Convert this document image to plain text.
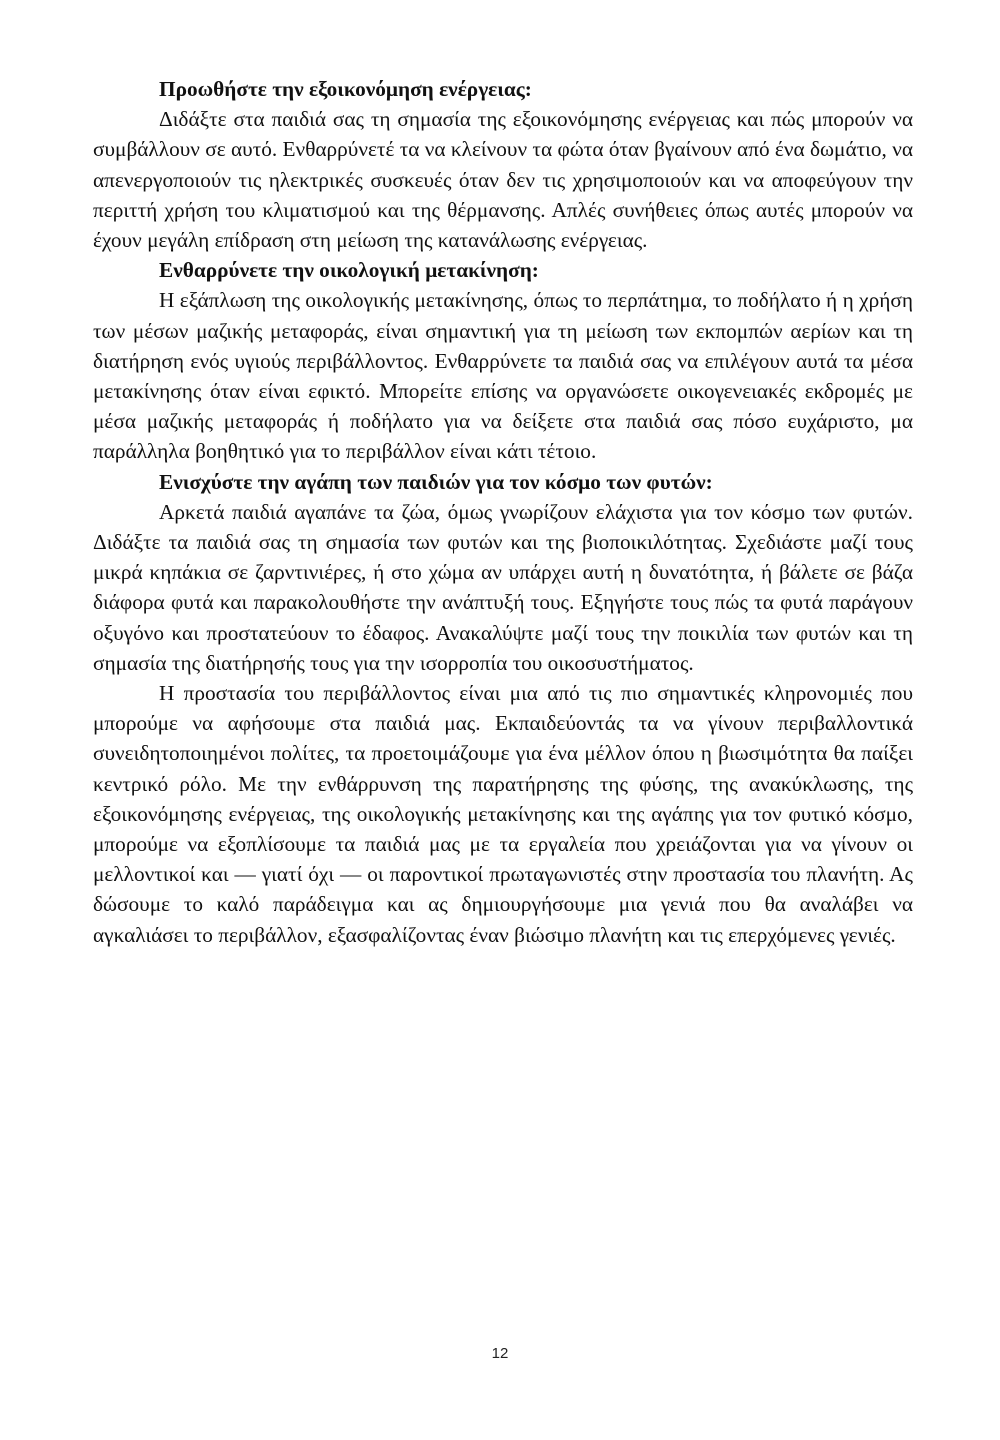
Προωθήστε την εξοικονόμηση ενέργειας:

Διδάξτε στα παιδιά σας τη σημασία της εξοικονόμησης ενέργειας και πώς μπορούν να συμβάλλουν σε αυτό. Ενθαρρύνετέ τα να κλείνουν τα φώτα όταν βγαίνουν από ένα δωμάτιο, να απενεργοποιούν τις ηλεκτρικές συσκευές όταν δεν τις χρησιμοποιούν και να αποφεύγουν την περιττή χρήση του κλιματισμού και της θέρμανσης. Απλές συνήθειες όπως αυτές μπορούν να έχουν μεγάλη επίδραση στη μείωση της κατανάλωσης ενέργειας.

Ενθαρρύνετε την οικολογική μετακίνηση:

Η εξάπλωση της οικολογικής μετακίνησης, όπως το περπάτημα, το ποδήλατο ή η χρήση των μέσων μαζικής μεταφοράς, είναι σημαντική για τη μείωση των εκπομπών αερίων και τη διατήρηση ενός υγιούς περιβάλλοντος. Ενθαρρύνετε τα παιδιά σας να επιλέγουν αυτά τα μέσα μετακίνησης όταν είναι εφικτό. Μπορείτε επίσης να οργανώσετε οικογενειακές εκδρομές με μέσα μαζικής μεταφοράς ή ποδήλατο για να δείξετε στα παιδιά σας πόσο ευχάριστο, μα παράλληλα βοηθητικό για το περιβάλλον είναι κάτι τέτοιο.

Ενισχύστε την αγάπη των παιδιών για τον κόσμο των φυτών:

Αρκετά παιδιά αγαπάνε τα ζώα, όμως γνωρίζουν ελάχιστα για τον κόσμο των φυτών. Διδάξτε τα παιδιά σας τη σημασία των φυτών και της βιοποικιλότητας. Σχεδιάστε μαζί τους μικρά κηπάκια σε ζαρντινιέρες, ή στο χώμα αν υπάρχει αυτή η δυνατότητα, ή βάλετε σε βάζα διάφορα φυτά και παρακολουθήστε την ανάπτυξή τους. Εξηγήστε τους πώς τα φυτά παράγουν οξυγόνο και προστατεύουν το έδαφος. Ανακαλύψτε μαζί τους την ποικιλία των φυτών και τη σημασία της διατήρησής τους για την ισορροπία του οικοσυστήματος.

Η προστασία του περιβάλλοντος είναι μια από τις πιο σημαντικές κληρονομιές που μπορούμε να αφήσουμε στα παιδιά μας. Εκπαιδεύοντάς τα να γίνουν περιβαλλοντικά συνειδητοποιημένοι πολίτες, τα προετοιμάζουμε για ένα μέλλον όπου η βιωσιμότητα θα παίξει κεντρικό ρόλο. Με την ενθάρρυνση της παρατήρησης της φύσης, της ανακύκλωσης, της εξοικονόμησης ενέργειας, της οικολογικής μετακίνησης και της αγάπης για τον φυτικό κόσμο, μπορούμε να εξοπλίσουμε τα παιδιά μας με τα εργαλεία που χρειάζονται για να γίνουν οι μελλοντικοί και — γιατί όχι — οι παροντικοί πρωταγωνιστές στην προστασία του πλανήτη. Ας δώσουμε το καλό παράδειγμα και ας δημιουργήσουμε μια γενιά που θα αναλάβει να αγκαλιάσει το περιβάλλον, εξασφαλίζοντας έναν βιώσιμο πλανήτη και τις επερχόμενες γενιές.

12
